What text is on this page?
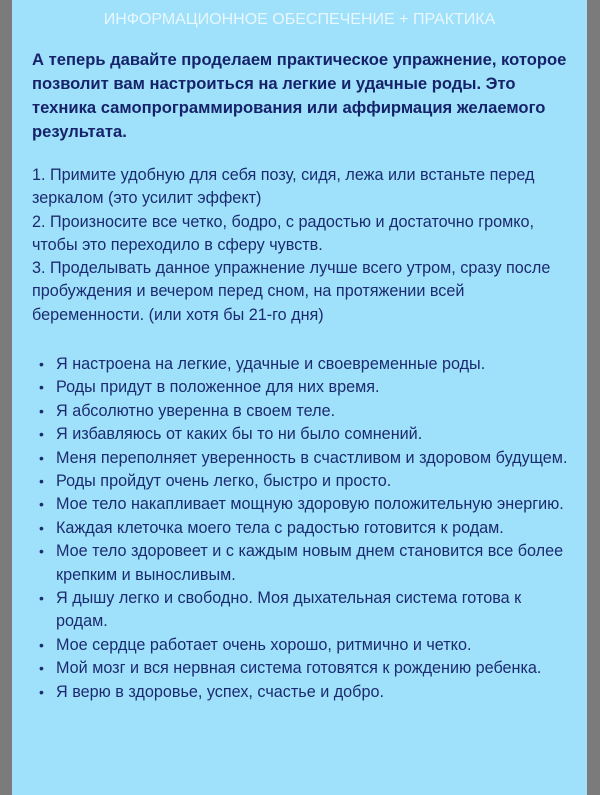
ИНФОРМАЦИОННОЕ ОБЕСПЕЧЕНИЕ + ПРАКТИКА
А теперь давайте проделаем практическое упражнение, которое позволит вам настроиться на легкие и удачные роды. Это техника самопрограммирования или аффирмация желаемого результата.
1. Примите удобную для себя позу, сидя, лежа или встаньте перед зеркалом (это усилит эффект)
2. Произносите все четко, бодро, с радостью и достаточно громко, чтобы это переходило в сферу чувств.
3. Проделывать данное упражнение лучше всего утром, сразу после пробуждения и вечером перед сном, на протяжении всей беременности. (или хотя бы 21-го дня)
• Я настроена на легкие, удачные и своевременные роды.
• Роды придут в положенное для них время.
• Я абсолютно уверенна в своем теле.
• Я избавляюсь от каких бы то ни было сомнений.
• Меня переполняет уверенность в счастливом и здоровом будущем.
• Роды пройдут очень легко, быстро и просто.
• Мое тело накапливает мощную здоровую положительную энергию.
• Каждая клеточка моего тела с радостью готовится к родам.
• Мое тело здоровеет и с каждым новым днем становится все более крепким и выносливым.
• Я дышу легко и свободно. Моя дыхательная система готова к родам.
• Мое сердце работает очень хорошо, ритмично и четко.
• Мой мозг и вся нервная система готовятся к рождению ребенка.
• Я верю в здоровье, успех, счастье и добро.
